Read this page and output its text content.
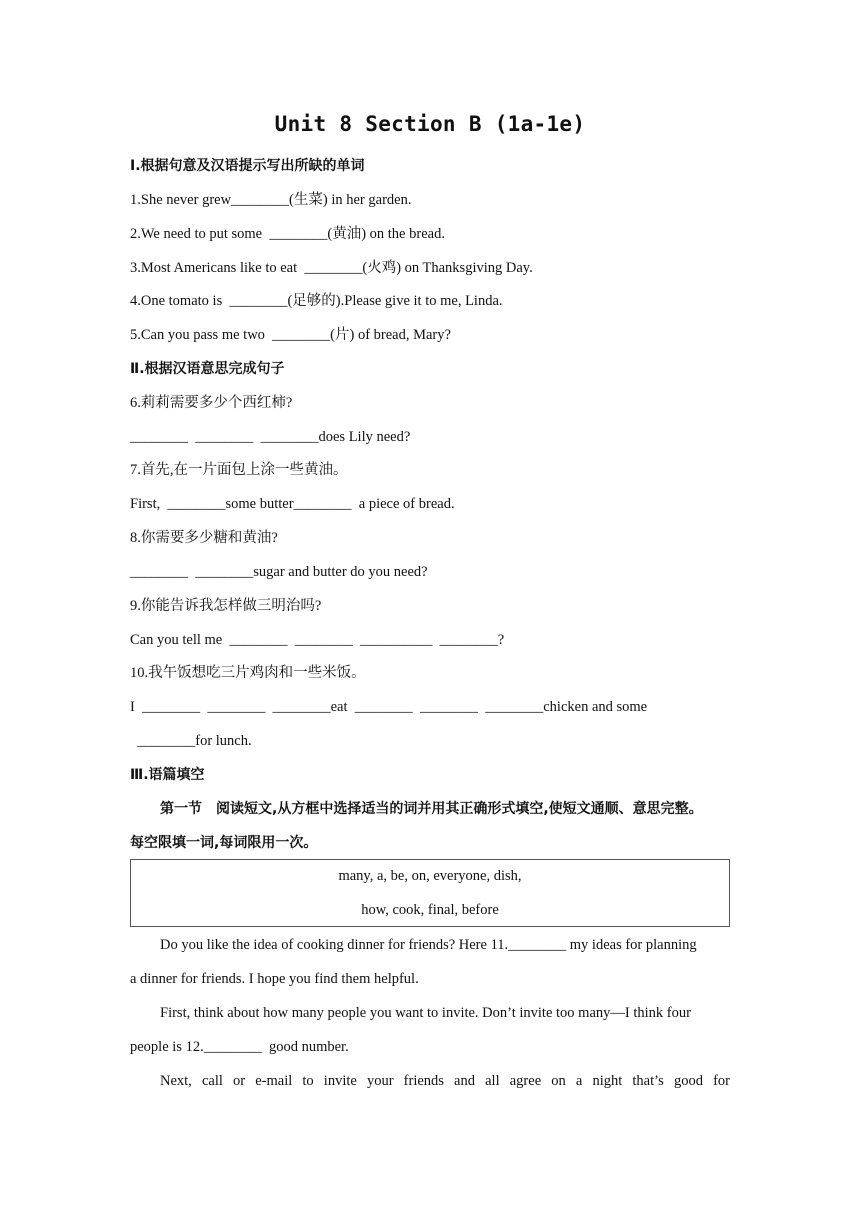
Unit 8 Section B (1a-1e)
Ⅰ.根据句意及汉语提示写出所缺的单词
1.She never grew________(生菜) in her garden.
2.We need to put some  ________(黄油) on the bread.
3.Most Americans like to eat  ________(火鸡) on Thanksgiving Day.
4.One tomato is  ________(足够的).Please give it to me, Linda.
5.Can you pass me two  ________(片) of bread, Mary?
Ⅱ.根据汉语意思完成句子
6.莉莉需要多少个西红柿?
________  ________  ________does Lily need?
7.首先,在一片面包上涂一些黄油。
First,  ________some butter________  a piece of bread.
8.你需要多少糖和黄油?
________  ________sugar and butter do you need?
9.你能告诉我怎样做三明治吗?
Can you tell me  ________  ________  __________  ________?
10.我午饭想吃三片鸡肉和一些米饭。
I  ________  ________  ________eat  ________  ________  ________chicken and some
________for lunch.
Ⅲ.语篇填空
第一节　阅读短文,从方框中选择适当的词并用其正确形式填空,使短文通顺、意思完整。
每空限填一词,每词限用一次。
many, a, be, on, everyone, dish,
how, cook, final, before
Do you like the idea of cooking dinner for friends? Here 11.________ my ideas for planning
a dinner for friends. I hope you find them helpful.
First, think about how many people you want to invite. Don’t invite too many—I think four
people is 12.________  good number.
Next, call or e-mail to invite your friends and all agree on a night that’s good for
